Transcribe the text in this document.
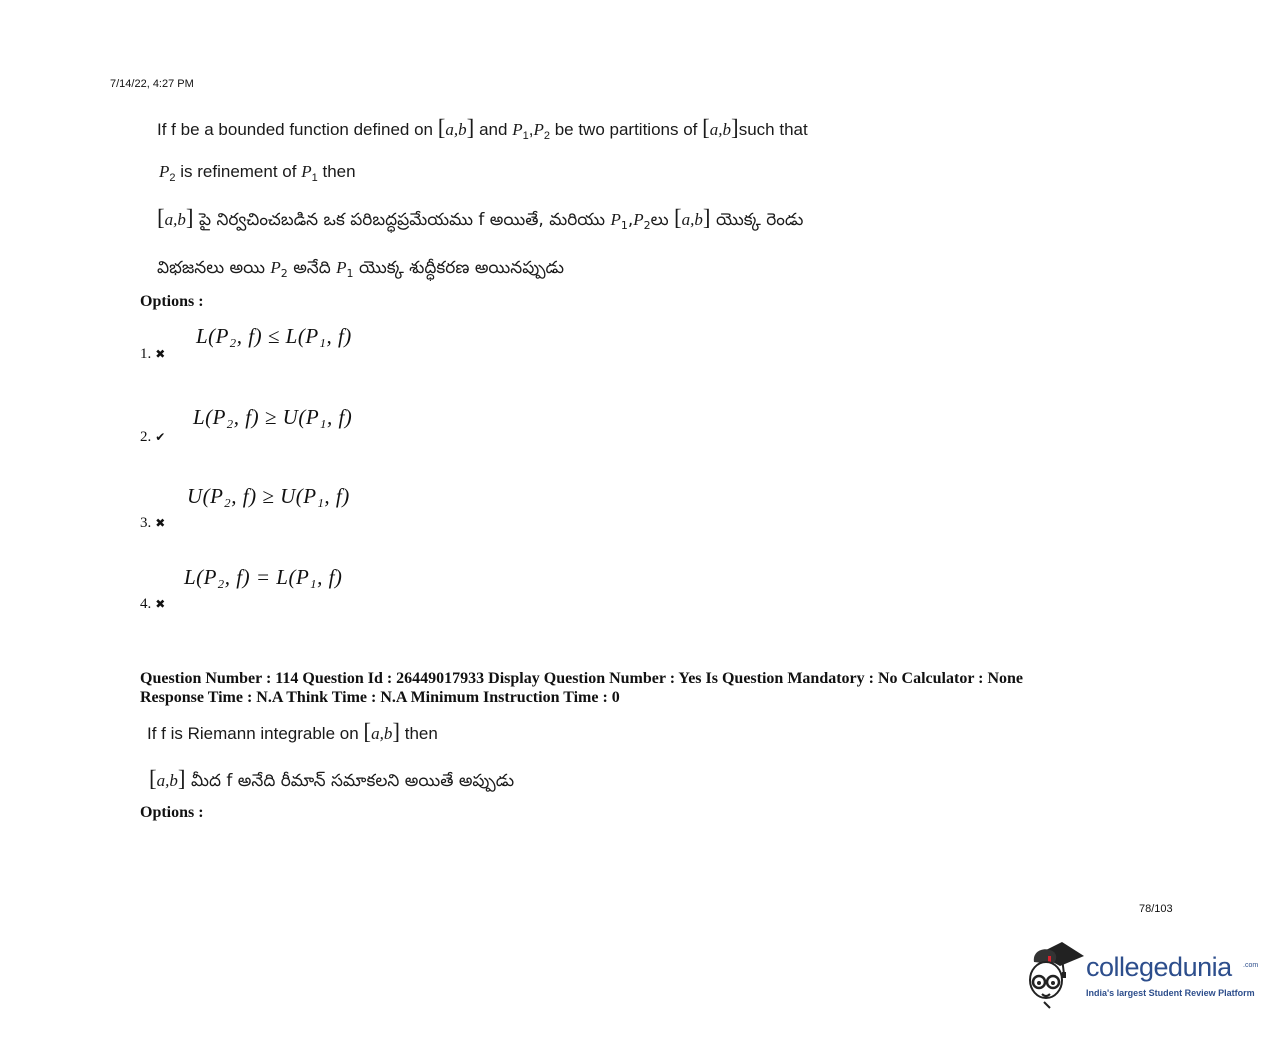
7/14/22, 4:27 PM
If f be a bounded function defined on [a,b] and $P_1,P_2$ be two partitions of [a,b]such that
$P_2$ is refinement of $P_1$ then
[a,b] పై నిర్వచించబడిన ఒక పరిబద్ధప్రమేయము f అయితే, మరియు $P_1,P_2లు$ [a,b] యొక్క రెండు
విభజనలు అయి $P_2$ అనేది $P_1$ యొక్క శుద్ధీకరణ అయినప్పుడు
Options :
L(P₂, f) ≤ L(P₁, f)
1. ✖
L(P₂, f) ≥ U(P₁, f)
2. ✔
U(P₂, f) ≥ U(P₁, f)
3. ✖
L(P₂, f) = L(P₁, f)
4. ✖
Question Number : 114 Question Id : 26449017933 Display Question Number : Yes Is Question Mandatory : No Calculator : None
Response Time : N.A Think Time : N.A Minimum Instruction Time : 0
If f is Riemann integrable on [a,b] then
[a,b] మీద f అనేది రీమాన్ సమాకలని అయితే అప్పుడు
Options :
78/103
collegedunia .com
India's largest Student Review Platform
